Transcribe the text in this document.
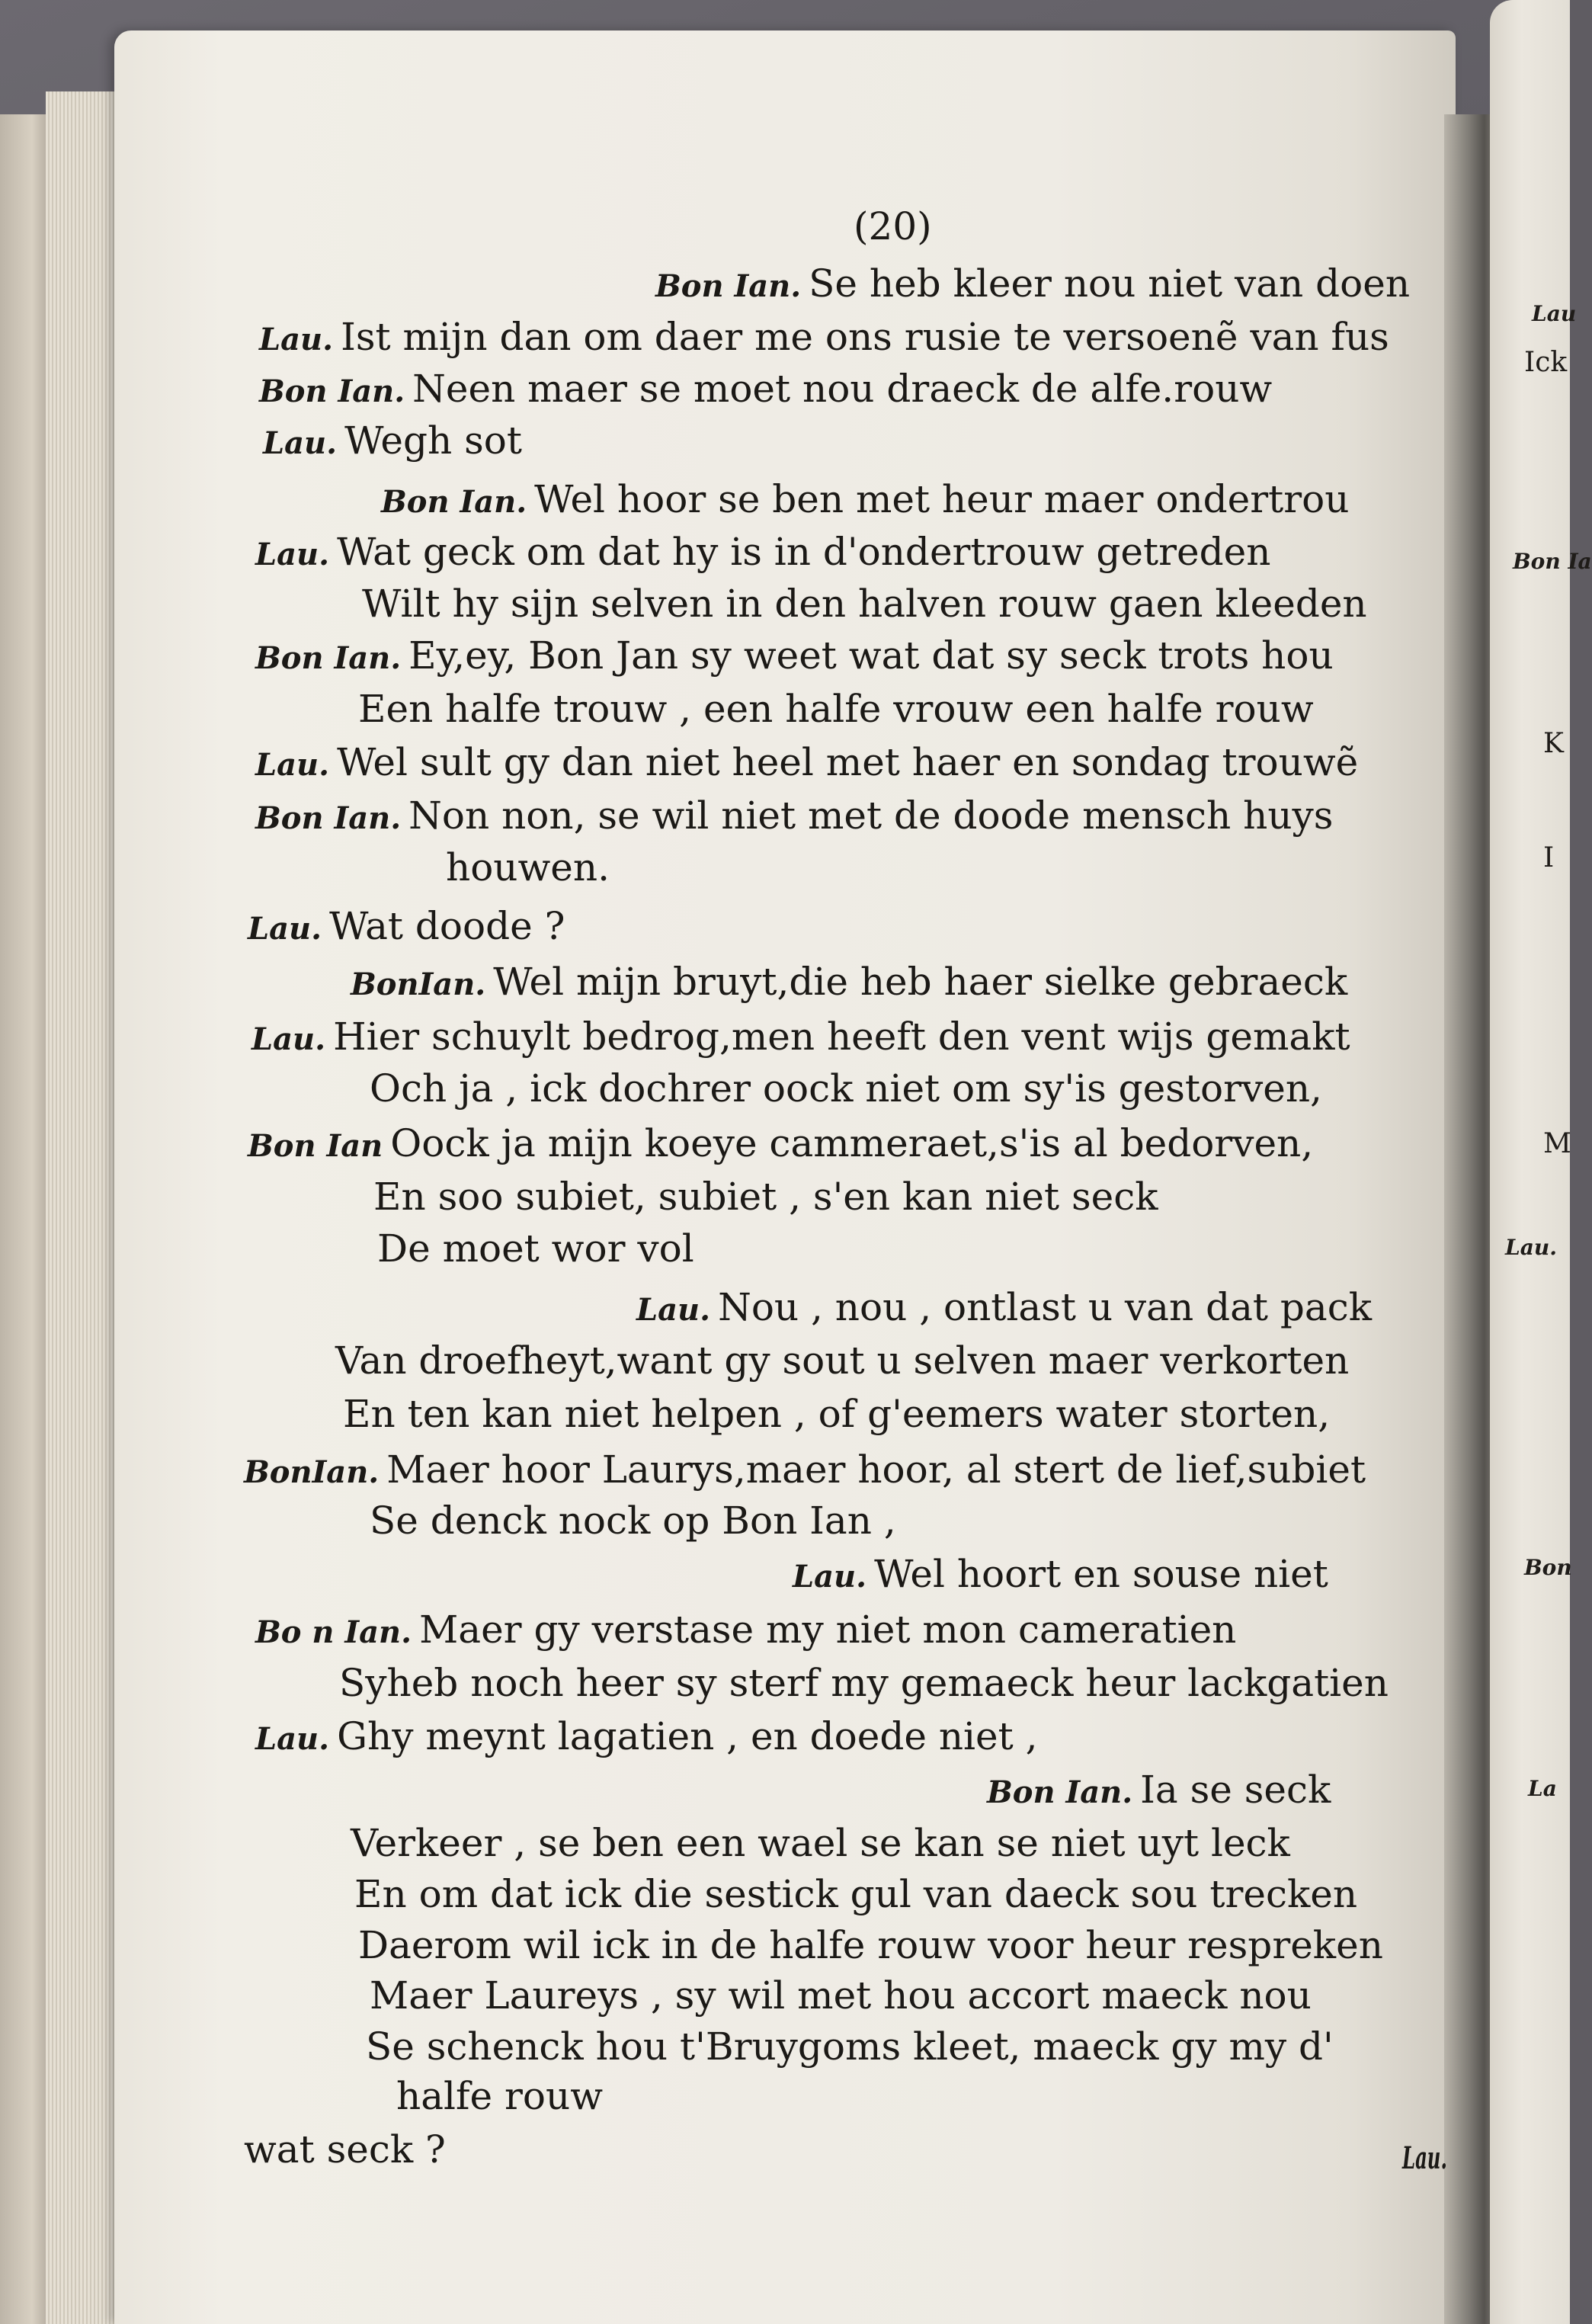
Lau
Ick
Bon Ia
K
I
M
Lau.
Bon
La
(20)
Bon Ian. Se heb kleer nou niet van doen
Lau. Ist mijn dan om daer me ons rusie te versoenẽ van fus
Bon Ian. Neen maer se moet nou draeck de alfe.rouw
Lau. Wegh sot
Bon Ian. Wel hoor se ben met heur maer ondertrou
Lau. Wat geck om dat hy is in d'ondertrouw getreden
Wilt hy sijn selven in den halven rouw gaen kleeden
Bon Ian. Ey,ey, Bon Jan sy weet wat dat sy seck trots hou
Een halfe trouw , een halfe vrouw een halfe rouw
Lau. Wel sult gy dan niet heel met haer en sondag trouwẽ
Bon Ian. Non non, se wil niet met de doode mensch huys
houwen.
Lau. Wat doode ?
BonIan. Wel mijn bruyt,die heb haer sielke gebraeck
Lau. Hier schuylt bedrog,men heeft den vent wijs gemakt
Och ja , ick dochrer oock niet om sy'is gestorven,
Bon Ian Oock ja mijn koeye cammeraet,s'is al bedorven,
En soo subiet, subiet , s'en kan niet seck
De moet wor vol
Lau. Nou , nou , ontlast u van dat pack
Van droefheyt,want gy sout u selven maer verkorten
En ten kan niet helpen , of g'eemers water storten,
BonIan. Maer hoor Laurys,maer hoor, al stert de lief,subiet
Se denck nock op Bon Ian ,
Lau. Wel hoort en souse niet
Bo n Ian. Maer gy verstase my niet mon cameratien
Syheb noch heer sy sterf my gemaeck heur lackgatien
Lau. Ghy meynt lagatien , en doede niet ,
Bon Ian. Ia se seck
Verkeer , se ben een wael se kan se niet uyt leck
En om dat ick die sestick gul van daeck sou trecken
Daerom wil ick in de halfe rouw voor heur respreken
Maer Laureys , sy wil met hou accort maeck nou
Se schenck hou t'Bruygoms kleet, maeck gy my d'
halfe rouw
wat seck ?	Lau.
